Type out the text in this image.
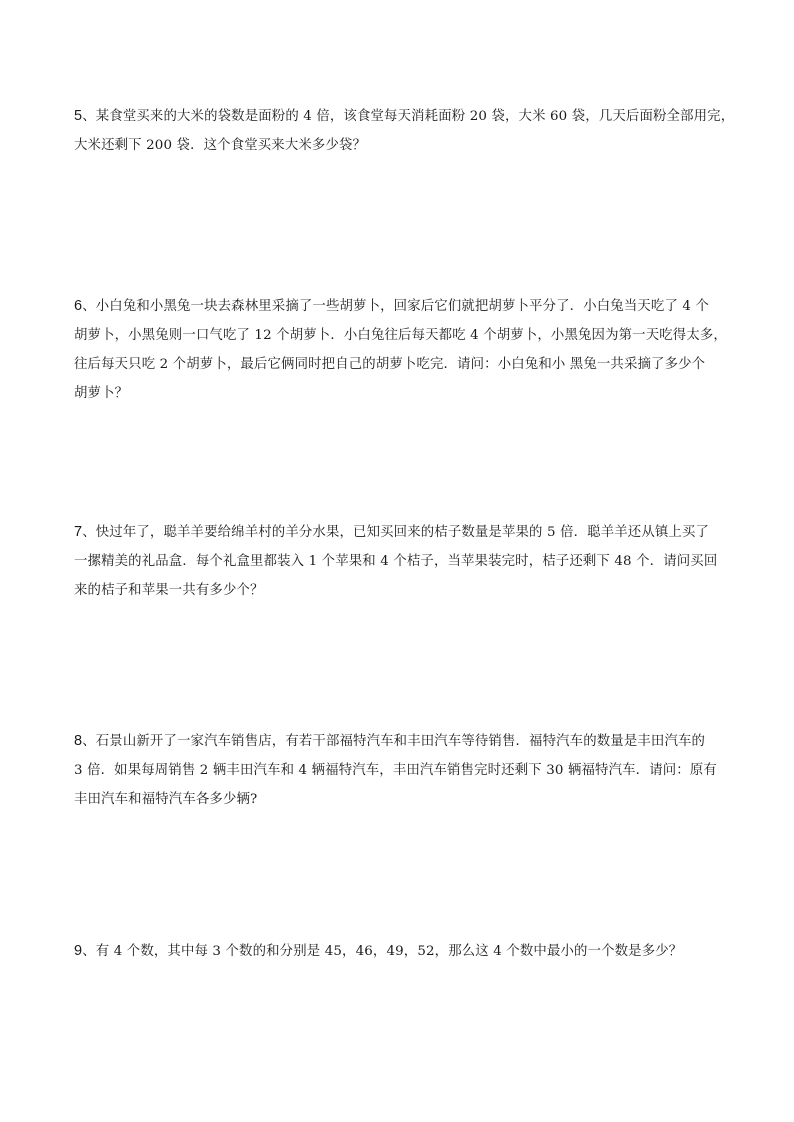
5、某食堂买来的大米的袋数是面粉的 4 倍，该食堂每天消耗面粉 20 袋，大米 60 袋，几天后面粉全部用完，
大米还剩下 200 袋．这个食堂买来大米多少袋？
6、小白兔和小黑兔一块去森林里采摘了一些胡萝卜，回家后它们就把胡萝卜平分了．小白兔当天吃了 4 个
胡萝卜，小黑兔则一口气吃了 12 个胡萝卜．小白兔往后每天都吃 4 个胡萝卜，小黑兔因为第一天吃得太多，
往后每天只吃 2 个胡萝卜，最后它俩同时把自己的胡萝卜吃完．请问：小白兔和小 黑兔一共采摘了多少个
胡萝卜？
7、快过年了，聪羊羊要给绵羊村的羊分水果，已知买回来的桔子数量是苹果的 5 倍．聪羊羊还从镇上买了
一摞精美的礼品盒．每个礼盒里都装入 1 个苹果和 4 个桔子，当苹果装完时，桔子还剩下 48 个．请问买回
来的桔子和苹果一共有多少个？
8、石景山新开了一家汽车销售店，有若干部福特汽车和丰田汽车等待销售．福特汽车的数量是丰田汽车的
3 倍．如果每周销售 2 辆丰田汽车和 4 辆福特汽车，丰田汽车销售完时还剩下 30 辆福特汽车．请问：原有
丰田汽车和福特汽车各多少辆?
9、有 4 个数，其中每 3 个数的和分别是 45，46，49，52，那么这 4 个数中最小的一个数是多少？
